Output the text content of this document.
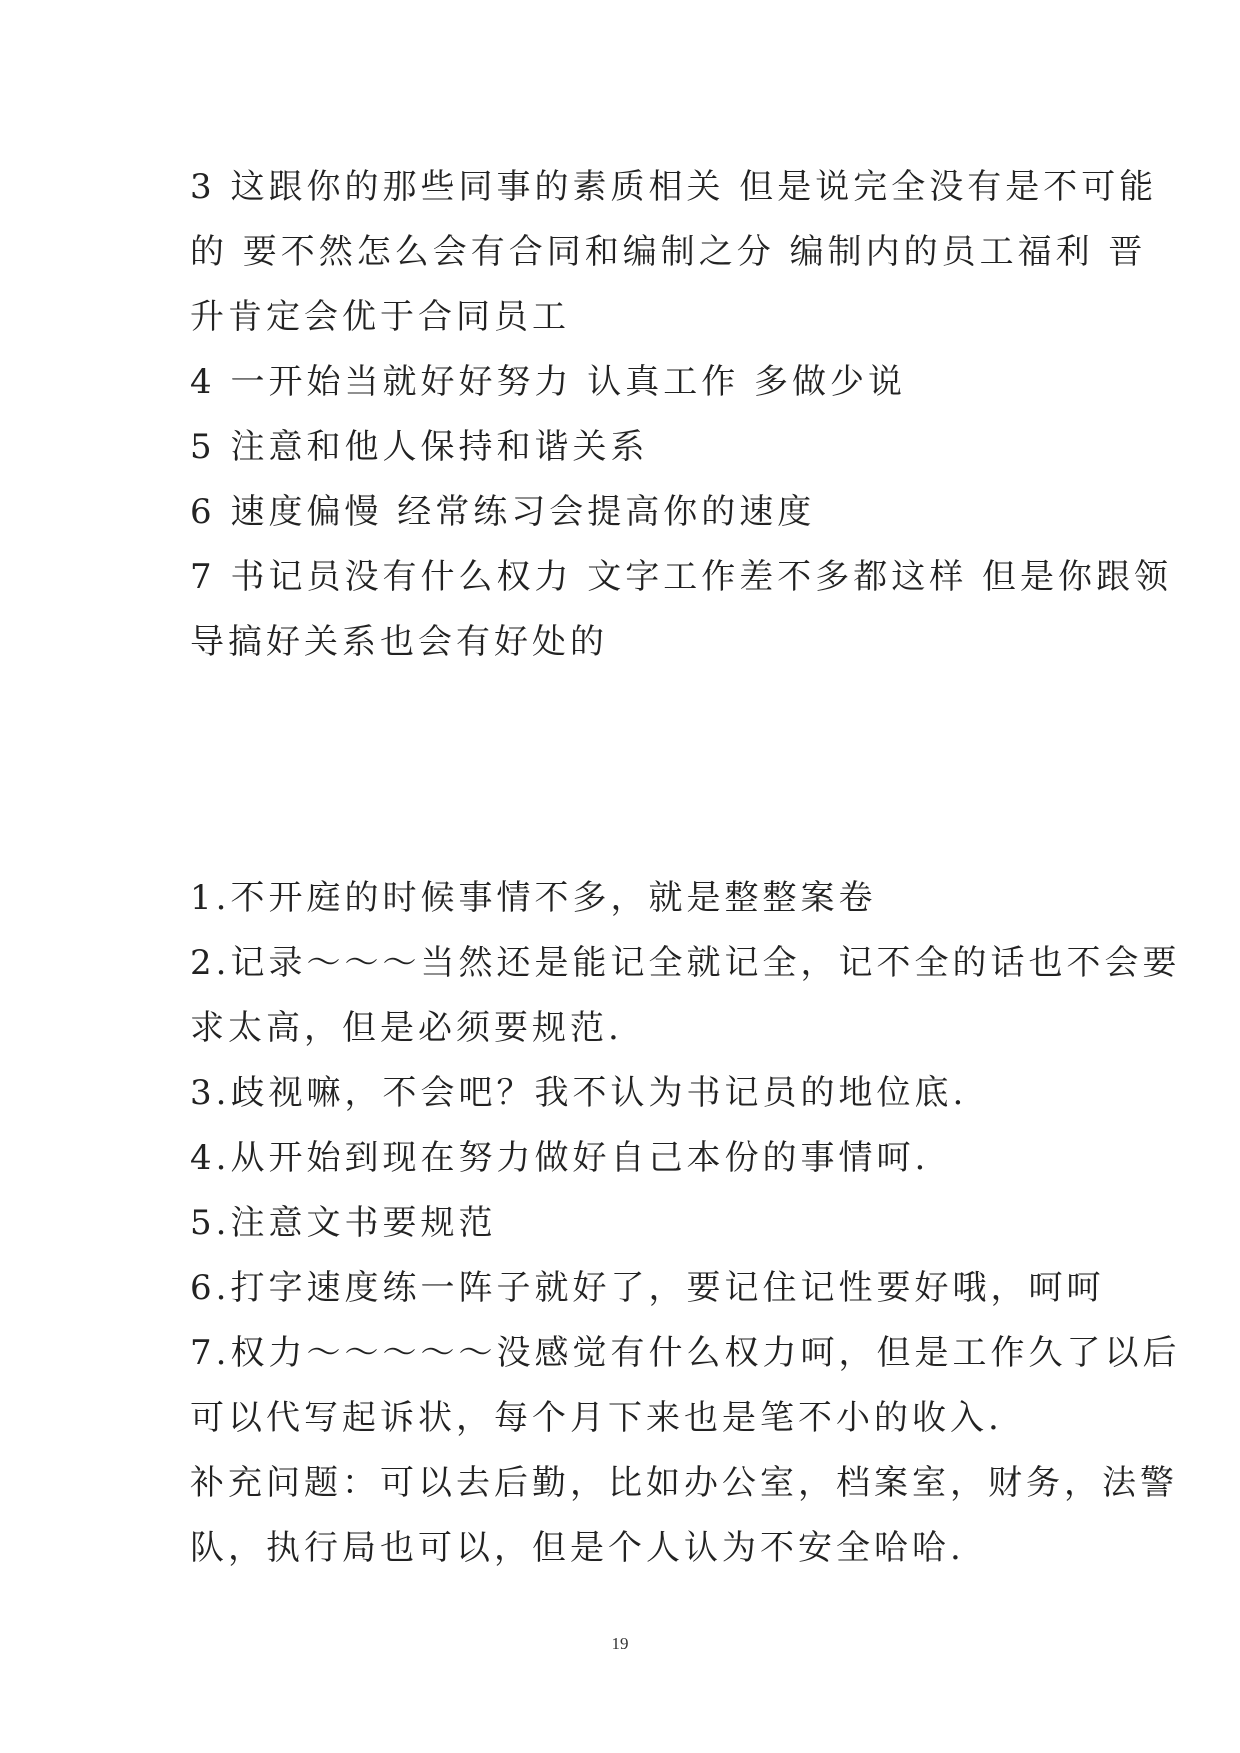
3 这跟你的那些同事的素质相关 但是说完全没有是不可能
的 要不然怎么会有合同和编制之分 编制内的员工福利 晋
升肯定会优于合同员工
4 一开始当就好好努力 认真工作 多做少说
5 注意和他人保持和谐关系
6 速度偏慢 经常练习会提高你的速度
7 书记员没有什么权力 文字工作差不多都这样 但是你跟领
导搞好关系也会有好处的
1.不开庭的时候事情不多，就是整整案卷
2.记录～～～当然还是能记全就记全，记不全的话也不会要
求太高，但是必须要规范.
3.歧视嘛，不会吧？我不认为书记员的地位底.
4.从开始到现在努力做好自己本份的事情呵.
5.注意文书要规范
6.打字速度练一阵子就好了，要记住记性要好哦，呵呵
7.权力～～～～～没感觉有什么权力呵，但是工作久了以后
可以代写起诉状，每个月下来也是笔不小的收入.
补充问题：可以去后勤，比如办公室，档案室，财务，法警
队，执行局也可以，但是个人认为不安全哈哈.
19
